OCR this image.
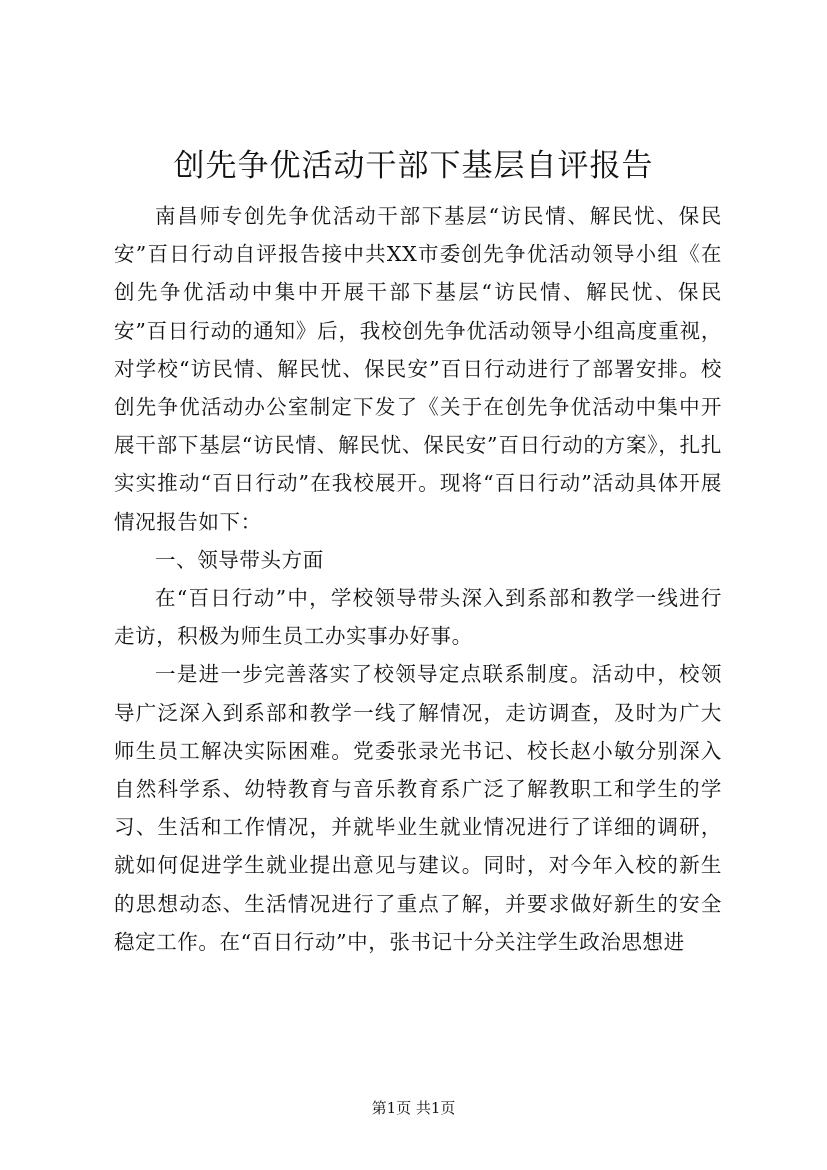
创先争优活动干部下基层自评报告

南昌师专创先争优活动干部下基层“访民情、解民忧、保民安”百日行动自评报告接中共XX市委创先争优活动领导小组《在创先争优活动中集中开展干部下基层“访民情、解民忧、保民安”百日行动的通知》后，我校创先争优活动领导小组高度重视，对学校“访民情、解民忧、保民安”百日行动进行了部署安排。校创先争优活动办公室制定下发了《关于在创先争优活动中集中开展干部下基层“访民情、解民忧、保民安”百日行动的方案》，扎扎实实推动“百日行动”在我校展开。现将“百日行动”活动具体开展情况报告如下：

一、领导带头方面

在“百日行动”中，学校领导带头深入到系部和教学一线进行走访，积极为师生员工办实事办好事。

一是进一步完善落实了校领导定点联系制度。活动中，校领导广泛深入到系部和教学一线了解情况，走访调查，及时为广大师生员工解决实际困难。党委张录光书记、校长赵小敏分别深入自然科学系、幼特教育与音乐教育系广泛了解教职工和学生的学习、生活和工作情况，并就毕业生就业情况进行了详细的调研，就如何促进学生就业提出意见与建议。同时，对今年入校的新生的思想动态、生活情况进行了重点了解，并要求做好新生的安全稳定工作。在“百日行动”中，张书记十分关注学生政治思想进

第1页 共1页
